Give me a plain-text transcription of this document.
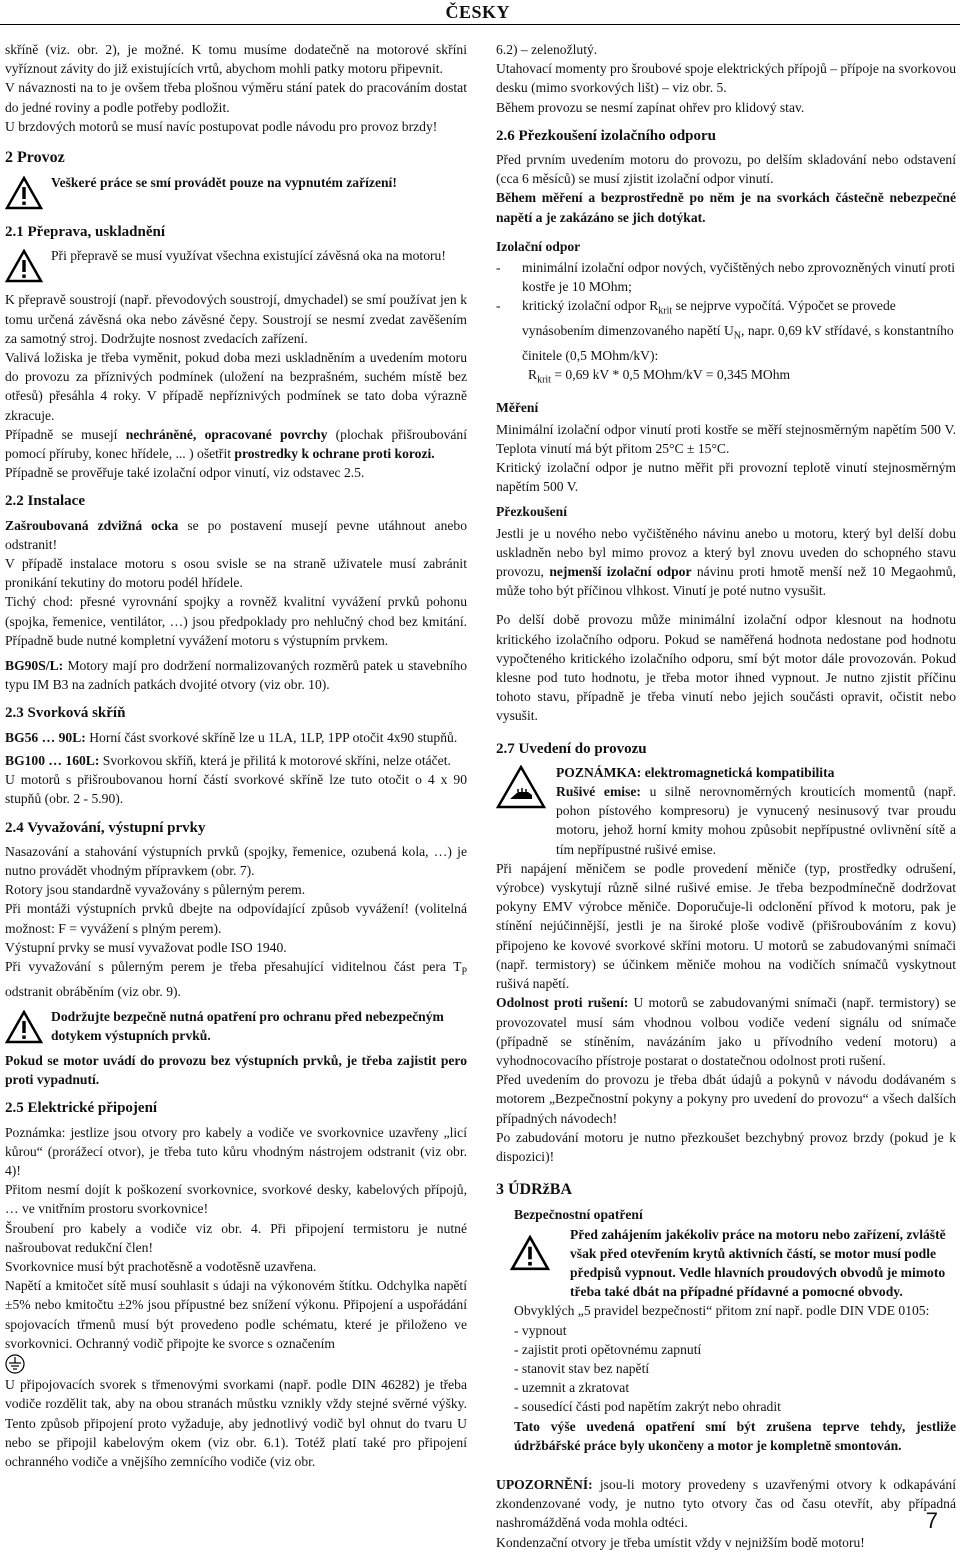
ČESKY

skříně (viz. obr. 2), je možné. K tomu musíme dodatečně na motorové skříni vyříznout závity do již existujících vrtů, abychom mohli patky motoru připevnit.

V návaznosti na to je ovšem třeba plošnou výměru stání patek do pracováním dostat do jedné roviny a podle potřeby podložit.

U brzdových motorů se musí navíc postupovat podle návodu pro provoz brzdy!

2 Provoz
Veškeré práce se smí provádět pouze na vypnutém zařízení!
2.1 Přeprava, uskladnění
Při přepravě se musí využívat všechna existující závěsná oka na motoru!

K přepravě soustrojí (např. převodových soustrojí, dmychadel) se smí používat jen k tomu určená závěsná oka nebo závěsné čepy. Soustrojí se nesmí zvedat zavěšením za samotný stroj. Dodržujte nosnost zvedacích zařízení.

Valivá ložiska je třeba vyměnit, pokud doba mezi uskladněním a uvedením motoru do provozu za příznivých podmínek (uložení na bezprašném, suchém místě bez otřesů) přesáhla 4 roky. V případě nepříznivých podmínek se tato doba výrazně zkracuje.

Případně se musejí nechráněné, opracované povrchy (plochak přišroubování pomocí příruby, konec hřídele, ... ) ošetřit prostredky k ochrane proti korozi.

Případně se prověřuje také izolační odpor vinutí, viz odstavec 2.5.

2.2 Instalace

Zašroubovaná zdvižná ocka se po postavení musejí pevne utáhnout anebo odstranit!

V případě instalace motoru s osou svisle se na straně uživatele musí zabránit pronikání tekutiny do motoru podél hřídele.

Tichý chod: přesné vyrovnání spojky a rovněž kvalitní vyvážení prvků pohonu (spojka, řemenice, ventilátor, …) jsou předpoklady pro nehlučný chod bez kmitání. Případně bude nutné kompletní vyvážení motoru s výstupním prvkem.

BG90S/L: Motory mají pro dodržení normalizovaných rozměrů patek u stavebního typu IM B3 na zadních patkách dvojité otvory (viz obr. 10).

2.3 Svorková skříň

BG56 … 90L: Horní část svorkové skříně lze u 1LA, 1LP, 1PP otočit 4x90 stupňů.

BG100 … 160L: Svorkovou skříň, která je přilitá k motorové skříni, nelze otáčet.

U motorů s přišroubovanou horní částí svorkové skříně lze tuto otočit o 4 x 90 stupňů (obr. 2 - 5.90).

2.4 Vyvažování, výstupní prvky

Nasazování a stahování výstupních prvků (spojky, řemenice, ozubená kola, …) je nutno provádět vhodným přípravkem (obr. 7).

Rotory jsou standardně vyvažovány s půlerným perem.

Při montáži výstupních prvků dbejte na odpovídající způsob vyvážení! (volitelná možnost: F = vyvážení s plným perem).

Výstupní prvky se musí vyvažovat podle ISO 1940.

Při vyvažování s půlerným perem je třeba přesahující viditelnou část pera $T_P$ odstranit obráběním (viz obr. 9).

Dodržujte bezpečně nutná opatření pro ochranu před nebezpečným dotykem výstupních prvků.

Pokud se motor uvádí do provozu bez výstupních prvků, je třeba zajistit pero proti vypadnutí.

2.5 Elektrické připojení

Poznámka: jestlize jsou otvory pro kabely a vodiče ve svorkovnice uzavřeny „licí kůrou“ (prorážecí otvor), je třeba tuto kůru vhodným nástrojem odstranit (viz obr. 4)!

Přitom nesmí dojít k poškození svorkovnice, svorkové desky, kabelových přípojů, … ve vnitřním prostoru svorkovnice!

Šroubení pro kabely a vodiče viz obr. 4. Při připojení termistoru je nutné našroubovat redukční člen!

Svorkovnice musí být prachotěsně a vodotěsně uzavřena.

Napětí a kmitočet sítě musí souhlasit s údaji na výkonovém štítku. Odchylka napětí ±5% nebo kmitočtu ±2% jsou přípustné bez snížení výkonu. Připojení a uspořádání spojovacích třmenů musí být provedeno podle schématu, které je přiloženo ve svorkovnici. Ochranný vodič připojte ke svorce s označením

U připojovacích svorek s třmenovými svorkami (např. podle DIN 46282) je třeba vodiče rozdělit tak, aby na obou stranách můstku vznikly vždy stejné svěrné výšky. Tento způsob připojení proto vyžaduje, aby jednotlivý vodič byl ohnut do tvaru U nebo se připojil kabelovým okem (viz obr. 6.1). Totéž platí také pro připojení ochranného vodiče a vnějšího zemnícího vodiče (viz obr.

6.2) – zelenožlutý.

Utahovací momenty pro šroubové spoje elektrických přípojů – přípoje na svorkovou desku (mimo svorkových lišt) – viz obr. 5.

Během provozu se nesmí zapínat ohřev pro klidový stav.

2.6 Přezkoušení izolačního odporu

Před prvním uvedením motoru do provozu, po delším skladování nebo odstavení (cca 6 měsíců) se musí zjistit izolační odpor vinutí.

Během měření a bezprostředně po něm je na svorkách částečně nebezpečné napětí a je zakázáno se jich dotýkat.

Izolační odpor
-	minimální izolační odpor nových, vyčištěných nebo zprovozněných vinutí proti kostře je 10 MOhm;
-	kritický izolační odpor $R_{krit}$ se nejprve vypočítá. Výpočet se provede vynásobením dimenzovaného napětí $U_N$, napr. 0,69 kV střídavé, s konstantního činitele (0,5 MOhm/kV):
$R_{krit} = 0,69$ kV * 0,5 MOhm/kV = 0,345 MOhm
Měření

Minimální izolační odpor vinutí proti kostře se měří stejnosměrným napětím 500 V. Teplota vinutí má být přitom 25°C ± 15°C.

Kritický izolační odpor je nutno měřit při provozní teplotě vinutí stejnosměrným napětím 500 V.

Přezkoušení

Jestli je u nového nebo vyčištěného návinu anebo u motoru, který byl delší dobu uskladněn nebo byl mimo provoz a který byl znovu uveden do schopného stavu provozu, nejmenší izolační odpor návinu proti hmotě menší než 10 Megaohmů, může toho být příčinou vlhkost. Vinutí je poté nutno vysušit.

Po delší době provozu může minimální izolační odpor klesnout na hodnotu kritického izolačního odporu. Pokud se naměřená hodnota nedostane pod hodnotu vypočteného kritického izolačního odporu, smí být motor dále provozován. Pokud klesne pod tuto hodnotu, je třeba motor ihned vypnout. Je nutno zjistit příčinu tohoto stavu, případně je třeba vinutí nebo jejich součásti opravit, očistit nebo vysušit.

2.7 Uvedení do provozu
POZNÁMKA: elektromagnetická kompatibilita

Rušivé emise: u silně nerovnoměrných krouticích momentů (např. pohon pístového kompresoru) je vynucený nesinusový tvar proudu motoru, jehož horní kmity mohou způsobit nepřípustné ovlivnění sítě a tím nepřípustné rušivé emise.

Při napájení měničem se podle provedení měniče (typ, prostředky odrušení, výrobce) vyskytují různě silné rušivé emise. Je třeba bezpodmínečně dodržovat pokyny EMV výrobce měniče. Doporučuje-li odclonění přívod k motoru, pak je stínění nejúčinnější, jestli je na široké ploše vodivě (přišroubováním z kovu) připojeno ke kovové svorkové skříni motoru. U motorů se zabudovanými snímači (např. termistory) se účinkem měniče mohou na vodičích snímačů vyskytnout rušivá napětí.

Odolnost proti rušení: U motorů se zabudovanými snímači (např. termistory) se provozovatel musí sám vhodnou volbou vodiče vedení signálu od snímače (případně se stíněním, navázáním jako u přívodního vedení motoru) a vyhodnocovacího přístroje postarat o dostatečnou odolnost proti rušení.

Před uvedením do provozu je třeba dbát údajů a pokynů v návodu dodávaném s motorem „Bezpečnostní pokyny a pokyny pro uvedení do provozu“ a všech dalších případných návodech!

Po zabudování motoru je nutno přezkoušet bezchybný provoz brzdy (pokud je k dispozici)!

3 ÚDRžBA
Bezpečnostní opatření
Před zahájením jakékoliv práce na motoru nebo zařízení, zvláště však před otevřením krytů aktivních částí, se motor musí podle předpisů vypnout. Vedle hlavních proudových obvodů je mimoto třeba také dbát na případné přídavné a pomocné obvody.

Obvyklých „5 pravidel bezpečnosti“ přitom zní např. podle DIN VDE 0105:

- vypnout
- zajistit proti opětovnému zapnutí
- stanovit stav bez napětí
- uzemnit a zkratovat
- sousedící části pod napětím zakrýt nebo ohradit

Tato výše uvedená opatření smí být zrušena teprve tehdy, jestliže údržbářské práce byly ukončeny a motor je kompletně smontován.

UPOZORNĚNÍ: jsou-li motory provedeny s uzavřenými otvory k odkapávání zkondenzované vody, je nutno tyto otvory čas od času otevřít, aby případná nashromážděná voda mohla odtéci.

Kondenzační otvory je třeba umístit vždy v nejnižším bodě motoru!

7
